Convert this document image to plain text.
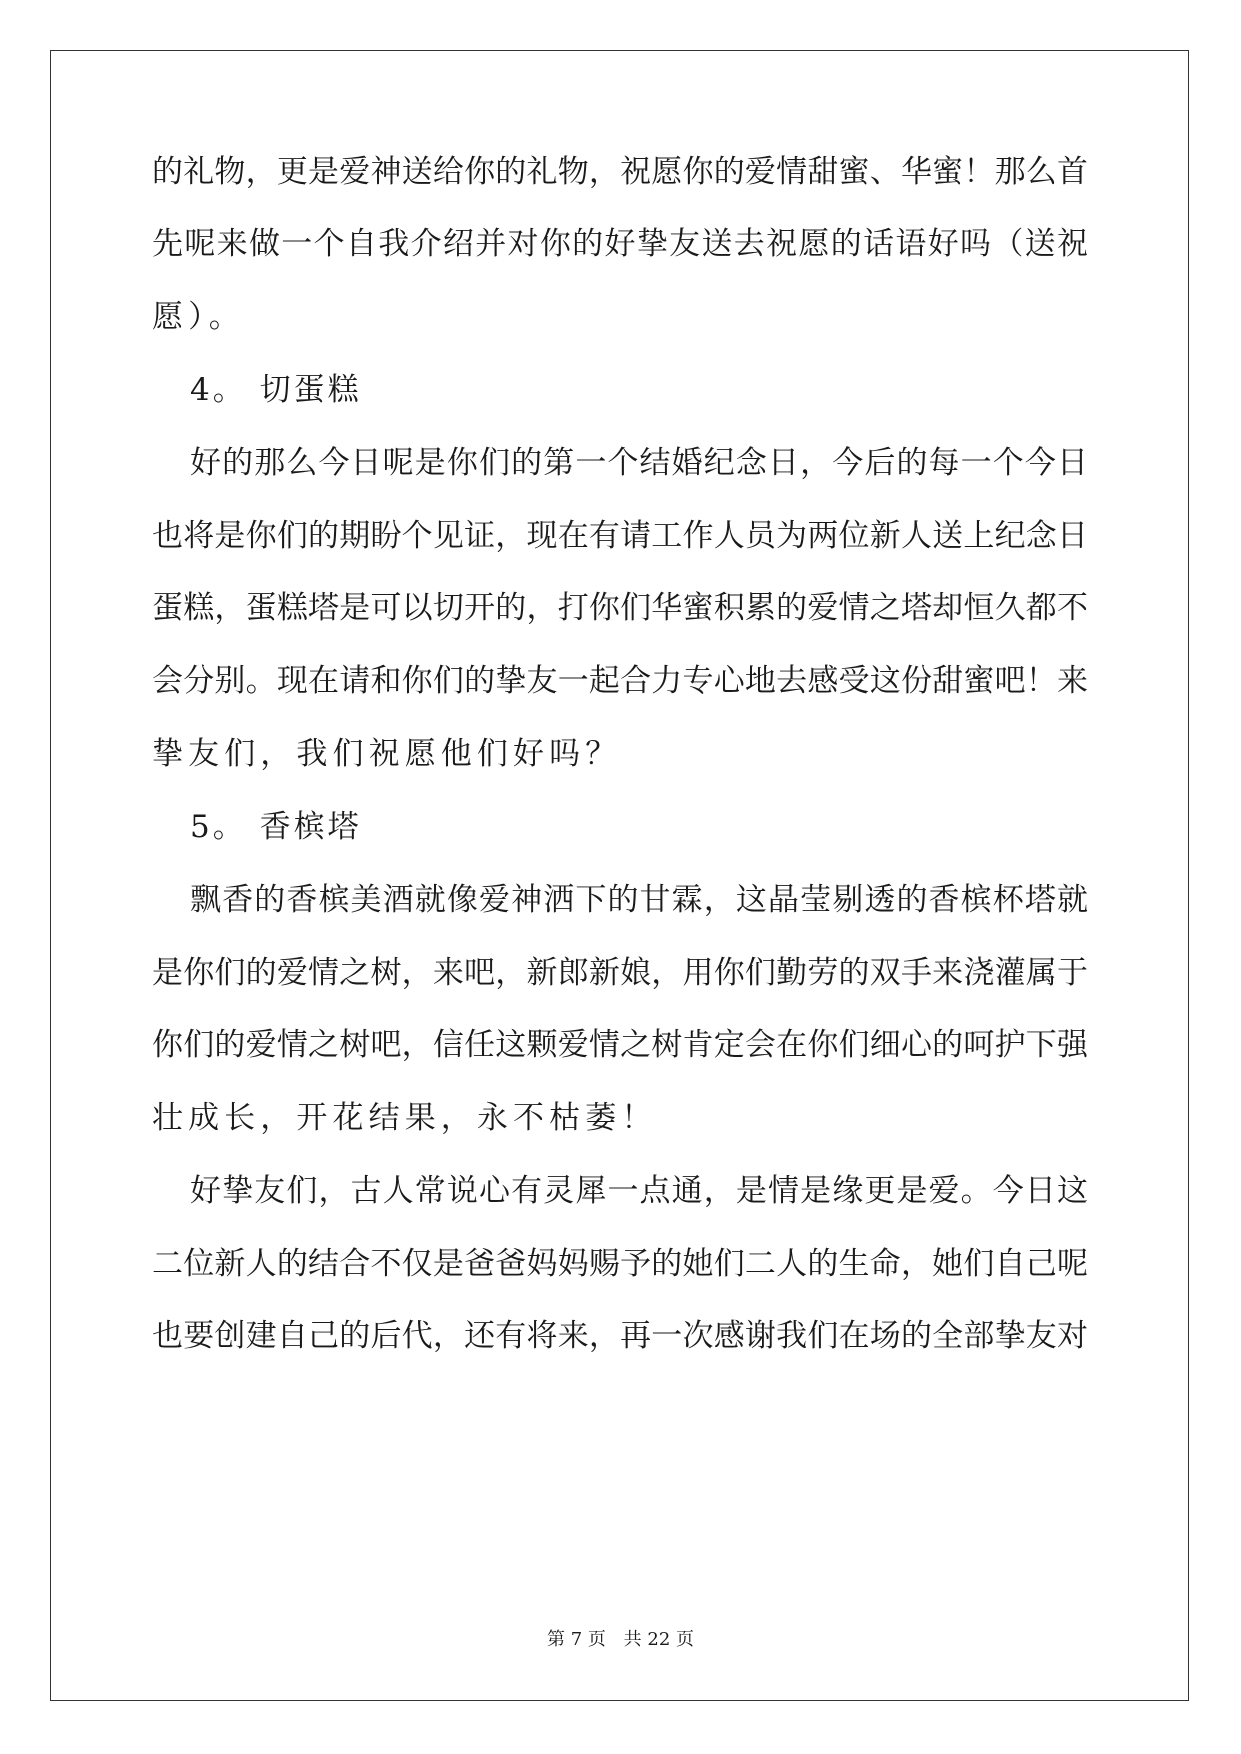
的礼物，更是爱神送给你的礼物，祝愿你的爱情甜蜜、华蜜！那么首
先呢来做一个自我介绍并对你的好挚友送去祝愿的话语好吗（送祝
愿）。
4。 切蛋糕
好的那么今日呢是你们的第一个结婚纪念日，今后的每一个今日
也将是你们的期盼个见证，现在有请工作人员为两位新人送上纪念日
蛋糕，蛋糕塔是可以切开的，打你们华蜜积累的爱情之塔却恒久都不
会分别。现在请和你们的挚友一起合力专心地去感受这份甜蜜吧！来
挚友们，我们祝愿他们好吗？
5。 香槟塔
飘香的香槟美酒就像爱神洒下的甘霖，这晶莹剔透的香槟杯塔就
是你们的爱情之树，来吧，新郎新娘，用你们勤劳的双手来浇灌属于
你们的爱情之树吧，信任这颗爱情之树肯定会在你们细心的呵护下强
壮成长，开花结果，永不枯萎！
好挚友们，古人常说心有灵犀一点通，是情是缘更是爱。今日这
二位新人的结合不仅是爸爸妈妈赐予的她们二人的生命，她们自己呢
也要创建自己的后代，还有将来，再一次感谢我们在场的全部挚友对
第 7 页 共 22 页
